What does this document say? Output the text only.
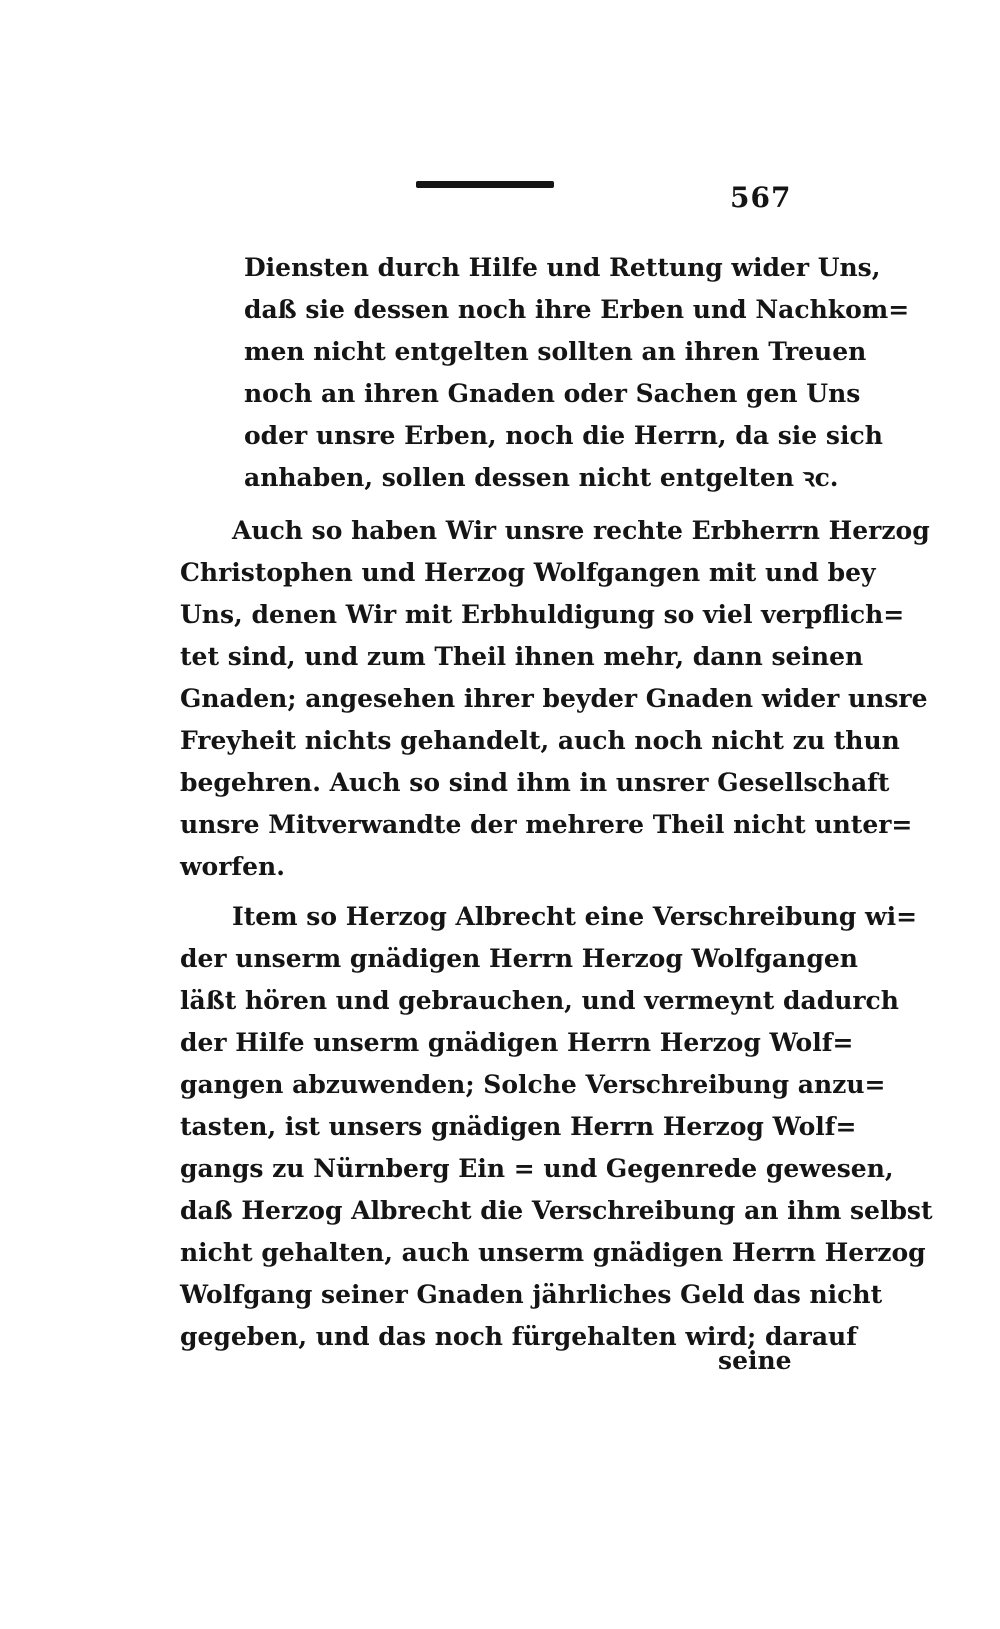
567
Diensten durch Hilfe und Rettung wider Uns,
daß sie dessen noch ihre Erben und Nachkom=
men nicht entgelten sollten an ihren Treuen
noch an ihren Gnaden oder Sachen gen Uns
oder unsre Erben, noch die Herrn, da sie sich
anhaben, sollen dessen nicht entgelten ꝛc.
Auch so haben Wir unsre rechte Erbherrn Herzog
Christophen und Herzog Wolfgangen mit und bey
Uns, denen Wir mit Erbhuldigung so viel verpflich=
tet sind, und zum Theil ihnen mehr, dann seinen
Gnaden; angesehen ihrer beyder Gnaden wider unsre
Freyheit nichts gehandelt, auch noch nicht zu thun
begehren. Auch so sind ihm in unsrer Gesellschaft
unsre Mitverwandte der mehrere Theil nicht unter=
worfen.
Item so Herzog Albrecht eine Verschreibung wi=
der unserm gnädigen Herrn Herzog Wolfgangen
läßt hören und gebrauchen, und vermeynt dadurch
der Hilfe unserm gnädigen Herrn Herzog Wolf=
gangen abzuwenden; Solche Verschreibung anzu=
tasten, ist unsers gnädigen Herrn Herzog Wolf=
gangs zu Nürnberg Ein = und Gegenrede gewesen,
daß Herzog Albrecht die Verschreibung an ihm selbst
nicht gehalten, auch unserm gnädigen Herrn Herzog
Wolfgang seiner Gnaden jährliches Geld das nicht
gegeben, und das noch fürgehalten wird; darauf
seine
